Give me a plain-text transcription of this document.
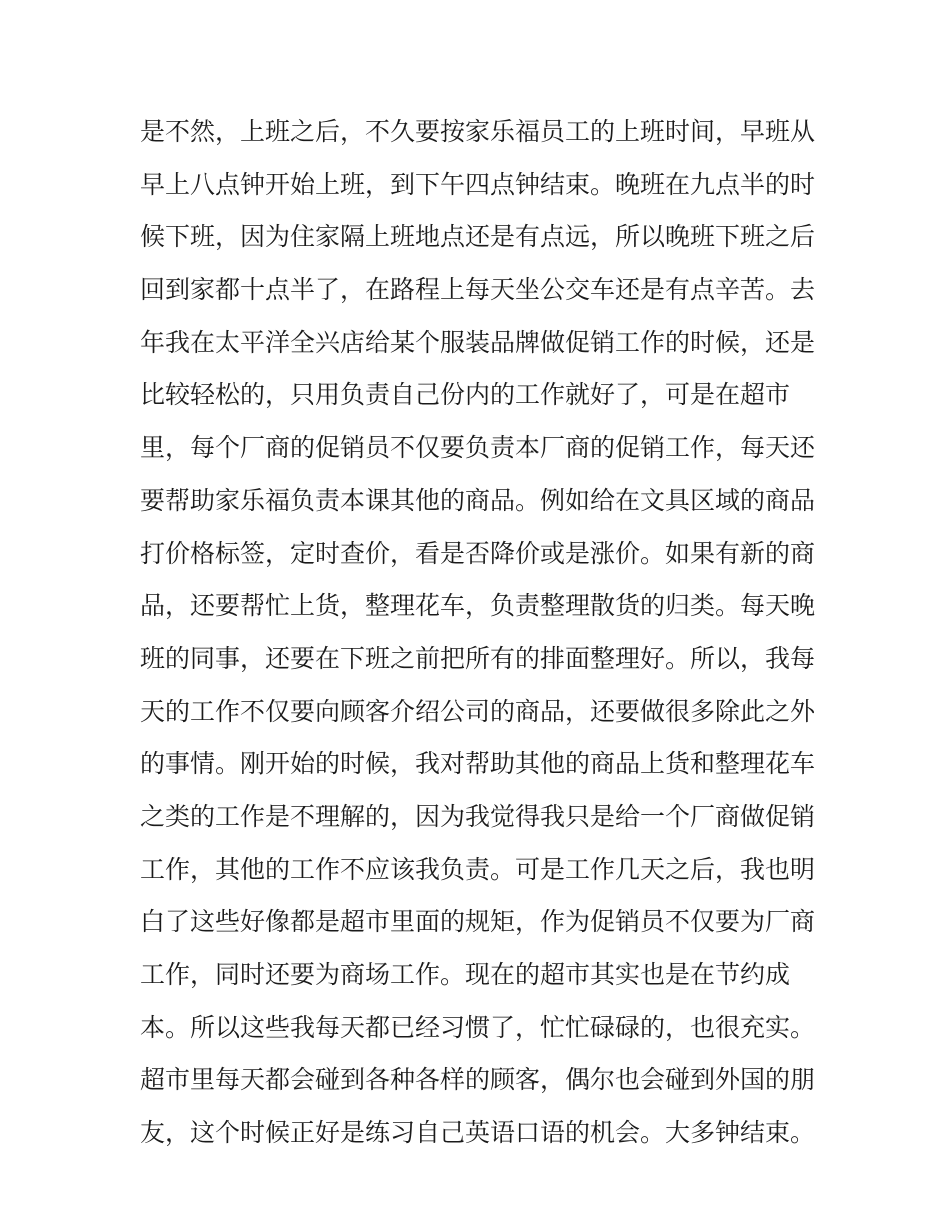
是不然，上班之后，不久要按家乐福员工的上班时间，早班从
早上八点钟开始上班，到下午四点钟结束。晚班在九点半的时
候下班，因为住家隔上班地点还是有点远，所以晚班下班之后
回到家都十点半了，在路程上每天坐公交车还是有点辛苦。去
年我在太平洋全兴店给某个服装品牌做促销工作的时候，还是
比较轻松的，只用负责自己份内的工作就好了，可是在超市
里，每个厂商的促销员不仅要负责本厂商的促销工作，每天还
要帮助家乐福负责本课其他的商品。例如给在文具区域的商品
打价格标签，定时查价，看是否降价或是涨价。如果有新的商
品，还要帮忙上货，整理花车，负责整理散货的归类。每天晚
班的同事，还要在下班之前把所有的排面整理好。所以，我每
天的工作不仅要向顾客介绍公司的商品，还要做很多除此之外
的事情。刚开始的时候，我对帮助其他的商品上货和整理花车
之类的工作是不理解的，因为我觉得我只是给一个厂商做促销
工作，其他的工作不应该我负责。可是工作几天之后，我也明
白了这些好像都是超市里面的规矩，作为促销员不仅要为厂商
工作，同时还要为商场工作。现在的超市其实也是在节约成
本。所以这些我每天都已经习惯了，忙忙碌碌的，也很充实。
超市里每天都会碰到各种各样的顾客，偶尔也会碰到外国的朋
友，这个时候正好是练习自己英语口语的机会。大多钟结束。
